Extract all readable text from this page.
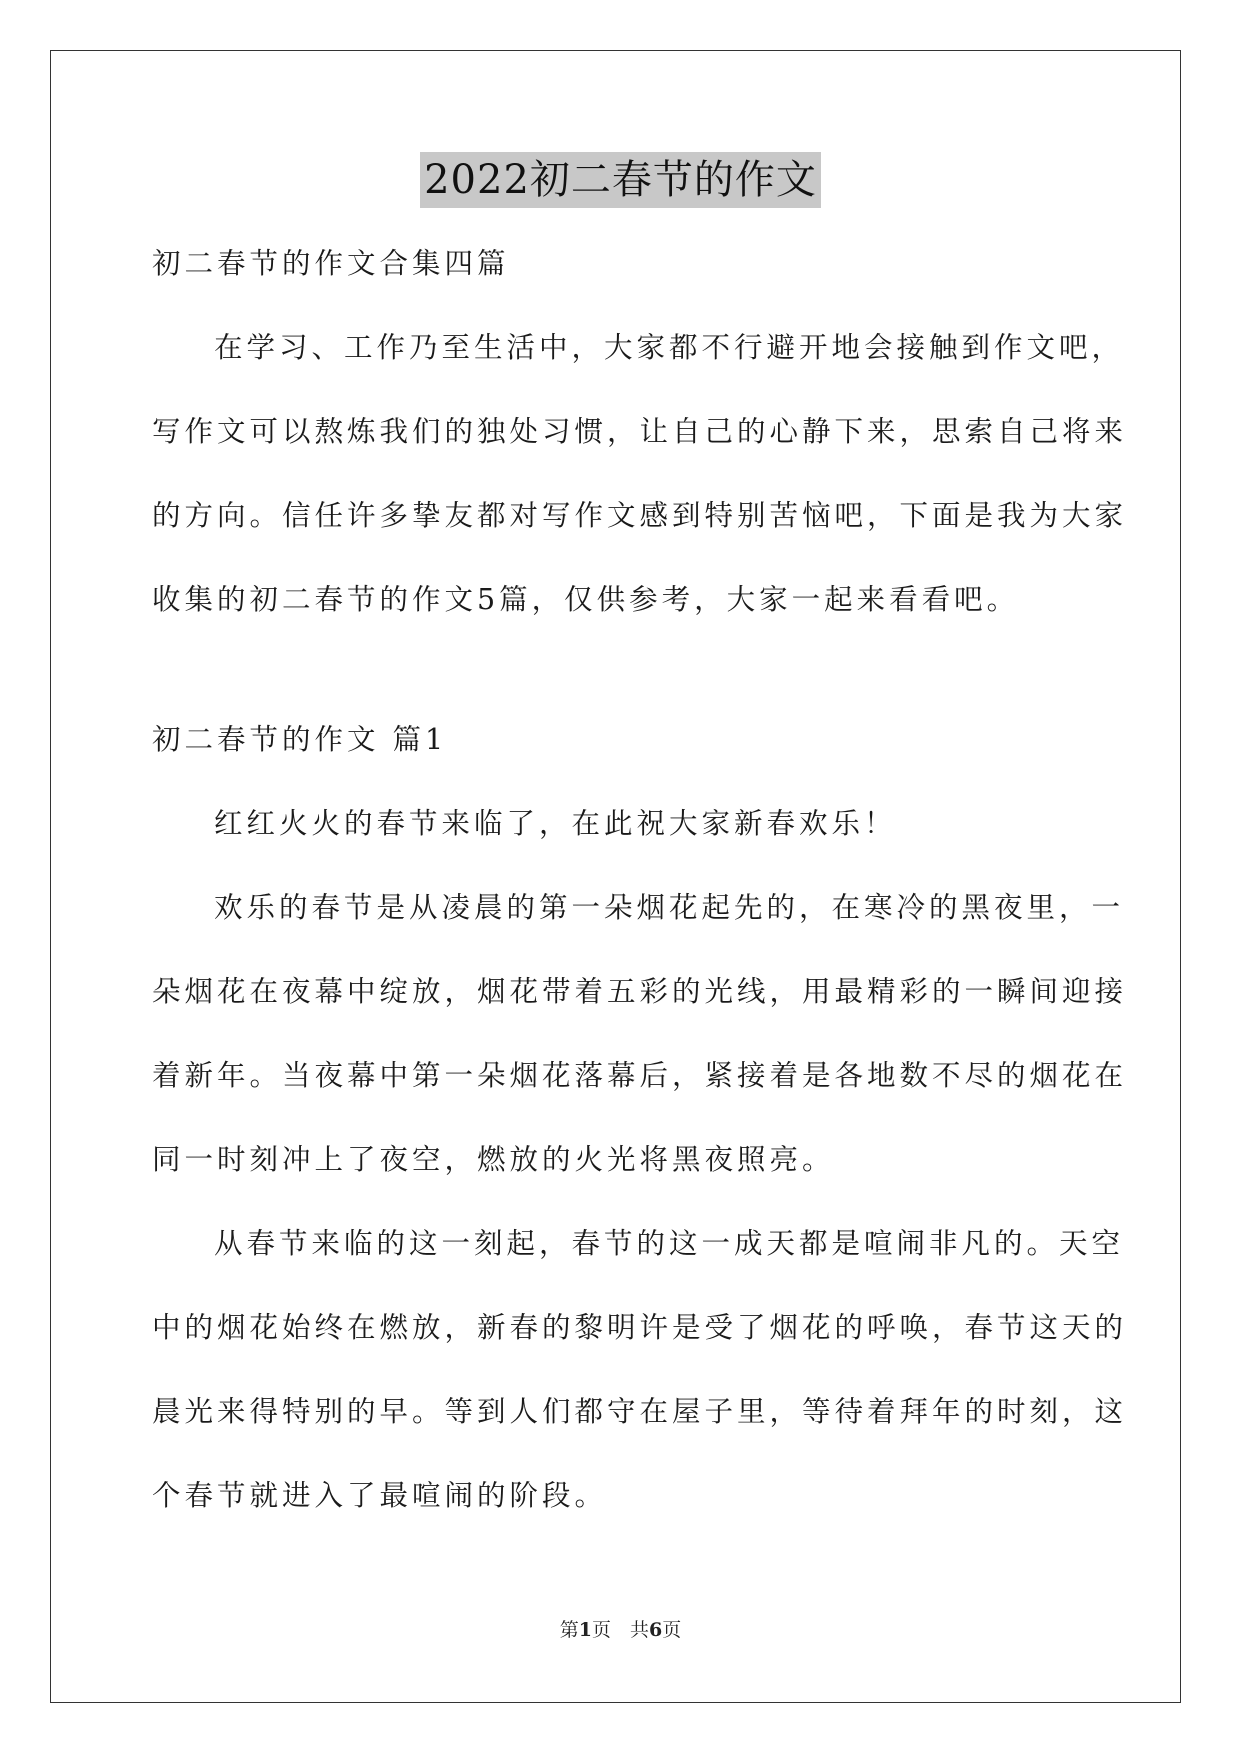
2022初二春节的作文
初二春节的作文合集四篇
在学习、工作乃至生活中，大家都不行避开地会接触到作文吧，
写作文可以熬炼我们的独处习惯，让自己的心静下来，思索自己将来
的方向。信任许多挚友都对写作文感到特别苦恼吧，下面是我为大家
收集的初二春节的作文5篇，仅供参考，大家一起来看看吧。
初二春节的作文 篇1
红红火火的春节来临了，在此祝大家新春欢乐！
欢乐的春节是从凌晨的第一朵烟花起先的，在寒冷的黑夜里，一
朵烟花在夜幕中绽放，烟花带着五彩的光线，用最精彩的一瞬间迎接
着新年。当夜幕中第一朵烟花落幕后，紧接着是各地数不尽的烟花在
同一时刻冲上了夜空，燃放的火光将黑夜照亮。
从春节来临的这一刻起，春节的这一成天都是喧闹非凡的。天空
中的烟花始终在燃放，新春的黎明许是受了烟花的呼唤，春节这天的
晨光来得特别的早。等到人们都守在屋子里，等待着拜年的时刻，这
个春节就进入了最喧闹的阶段。
第1页　共6页
